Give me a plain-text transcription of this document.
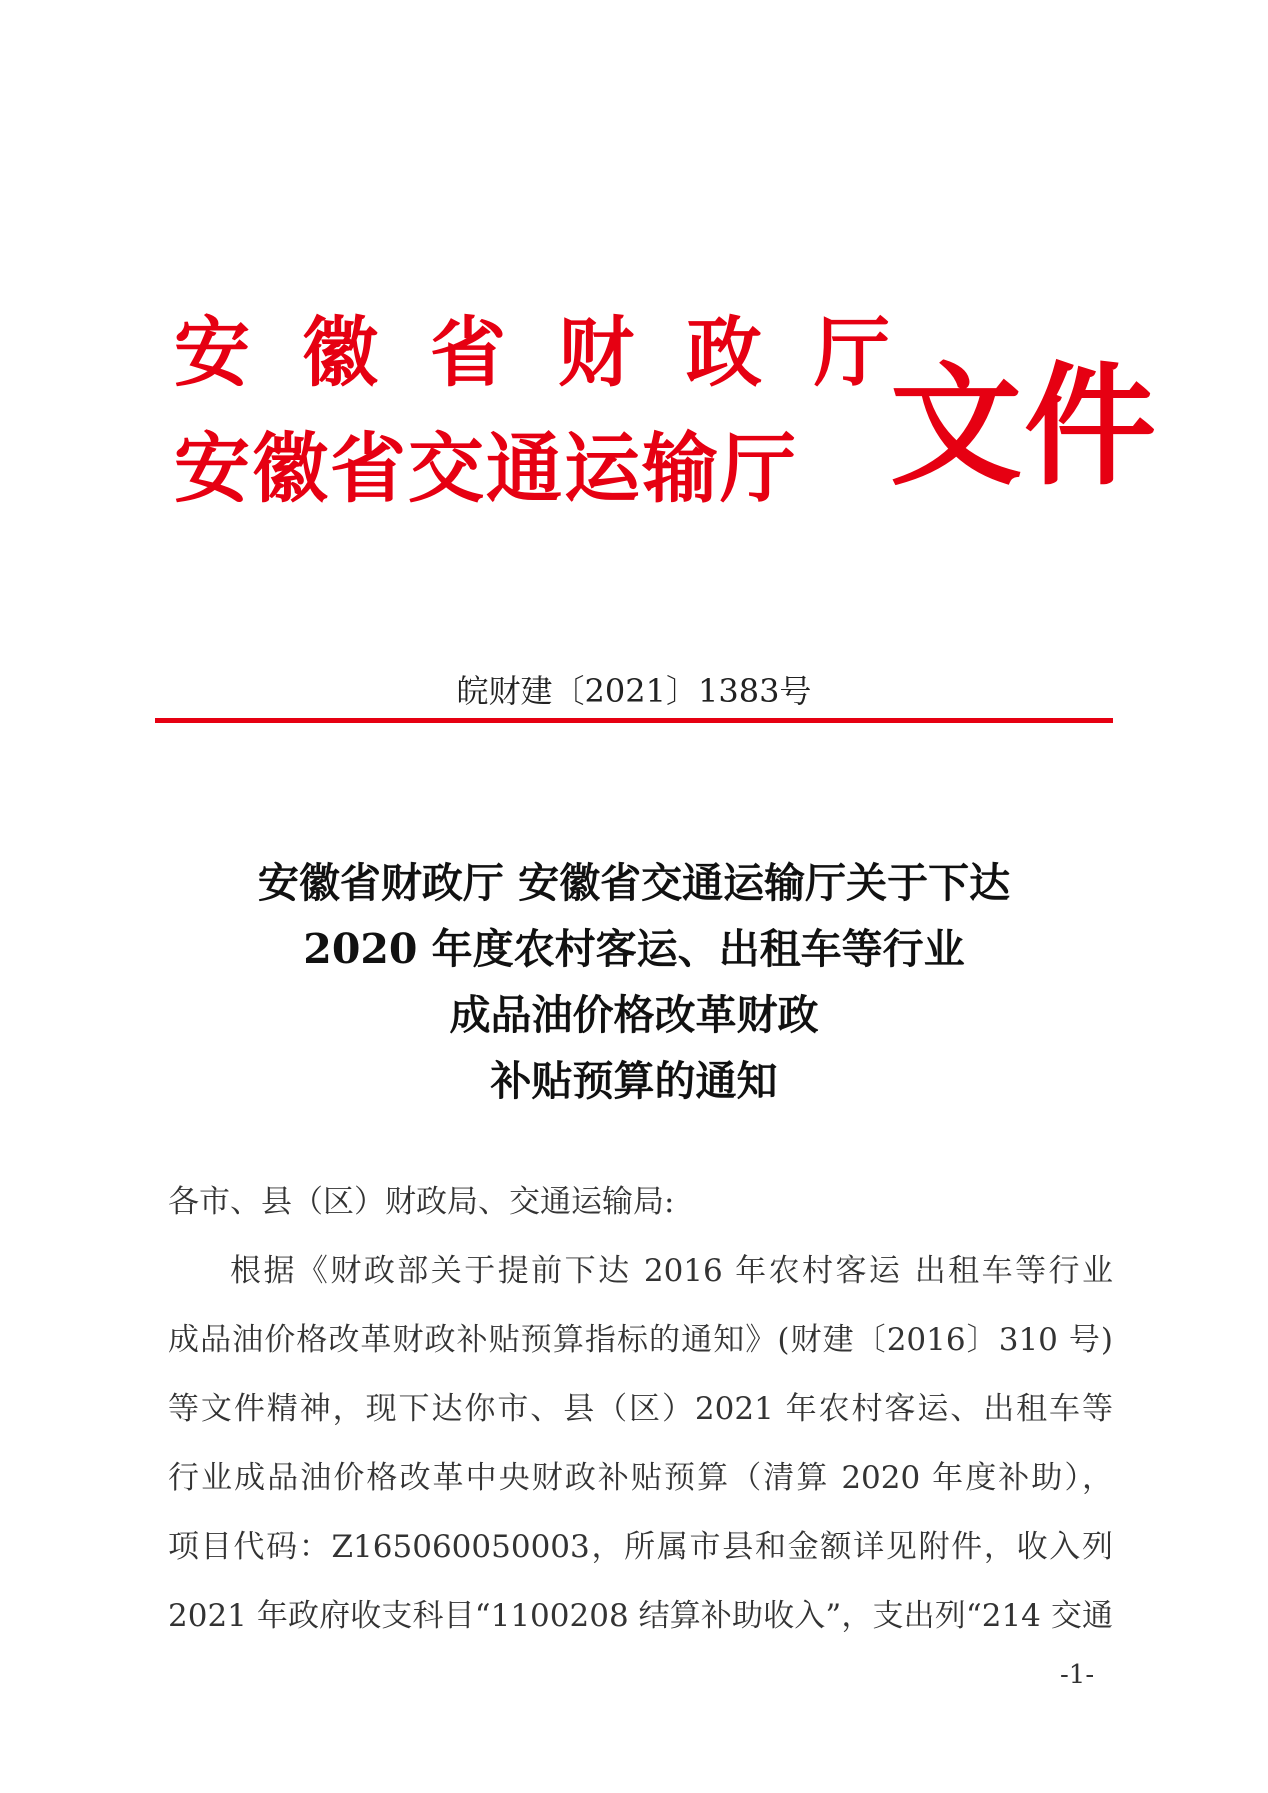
安徽省财政厅
安徽省交通运输厅 文件
皖财建〔2021〕1383号
安徽省财政厅 安徽省交通运输厅关于下达
2020 年度农村客运、出租车等行业
成品油价格改革财政
补贴预算的通知
各市、县（区）财政局、交通运输局:
根据《财政部关于提前下达 2016 年农村客运 出租车等行业
成品油价格改革财政补贴预算指标的通知》(财建〔2016〕310 号)
等文件精神，现下达你市、县（区）2021 年农村客运、出租车等
行业成品油价格改革中央财政补贴预算（清算 2020 年度补助），
项目代码：Z165060050003，所属市县和金额详见附件，收入列
2021 年政府收支科目“1100208 结算补助收入”，支出列“214 交通
-1-
